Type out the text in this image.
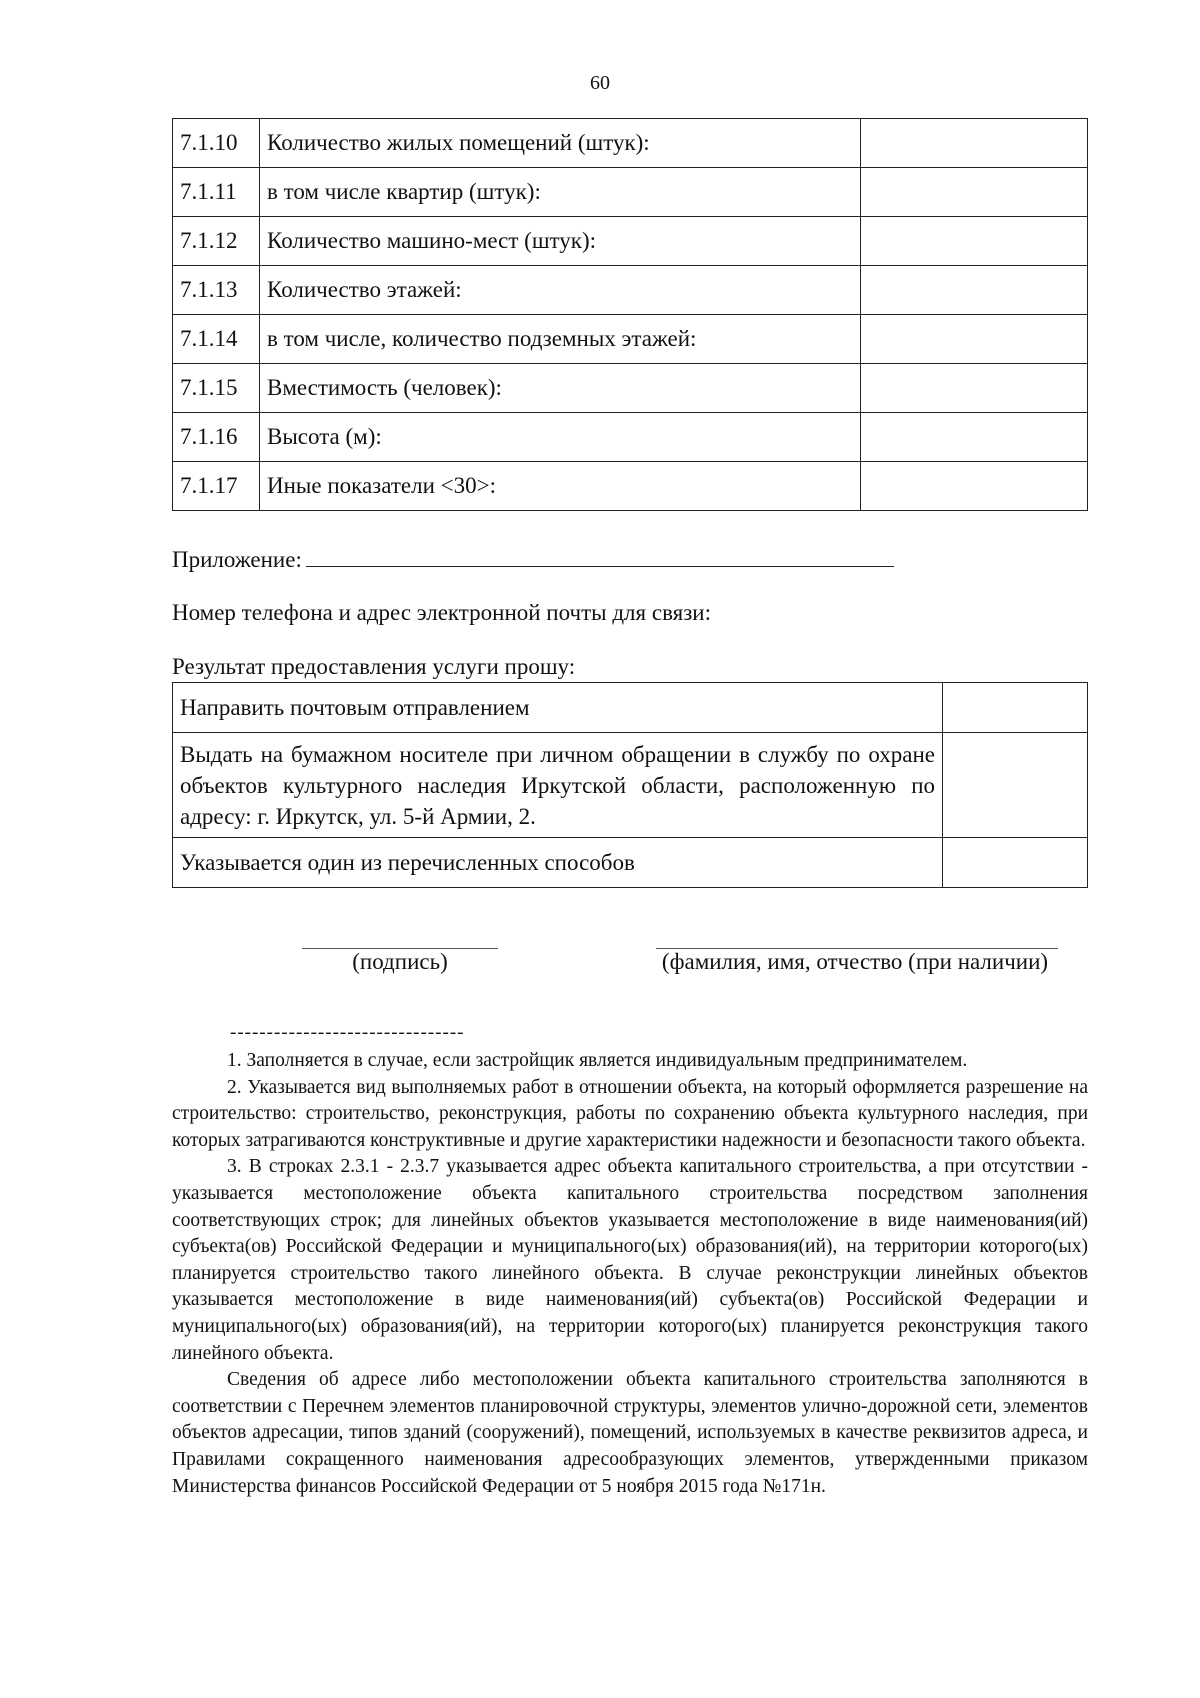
60
7.1.10	Количество жилых помещений (штук):	
7.1.11	в том числе квартир (штук):	
7.1.12	Количество машино-мест (штук):	
7.1.13	Количество этажей:	
7.1.14	в том числе, количество подземных этажей:	
7.1.15	Вместимость (человек):	
7.1.16	Высота (м):	
7.1.17	Иные показатели <30>:	
Приложение:
Номер телефона и адрес электронной почты для связи:
Результат предоставления услуги прошу:
Направить почтовым отправлением	
Выдать на бумажном носителе при личном обращении в службу по охране объектов культурного наследия Иркутской области, расположенную по адресу: г. Иркутск, ул. 5-й Армии, 2.	
Указывается один из перечисленных способов	
(подпись)	(фамилия, имя, отчество (при наличии)
--------------------------------

1. Заполняется в случае, если застройщик является индивидуальным предпринимателем.

2. Указывается вид выполняемых работ в отношении объекта, на который оформляется разрешение на строительство: строительство, реконструкция, работы по сохранению объекта культурного наследия, при которых затрагиваются конструктивные и другие характеристики надежности и безопасности такого объекта.

3. В строках 2.3.1 - 2.3.7 указывается адрес объекта капитального строительства, а при отсутствии - указывается местоположение объекта капитального строительства посредством заполнения соответствующих строк; для линейных объектов указывается местоположение в виде наименования(ий) субъекта(ов) Российской Федерации и муниципального(ых) образования(ий), на территории которого(ых) планируется строительство такого линейного объекта. В случае реконструкции линейных объектов указывается местоположение в виде наименования(ий) субъекта(ов) Российской Федерации и муниципального(ых) образования(ий), на территории которого(ых) планируется реконструкция такого линейного объекта.

Сведения об адресе либо местоположении объекта капитального строительства заполняются в соответствии с Перечнем элементов планировочной структуры, элементов улично-дорожной сети, элементов объектов адресации, типов зданий (сооружений), помещений, используемых в качестве реквизитов адреса, и Правилами сокращенного наименования адресообразующих элементов, утвержденными приказом Министерства финансов Российской Федерации от 5 ноября 2015 года №171н.
